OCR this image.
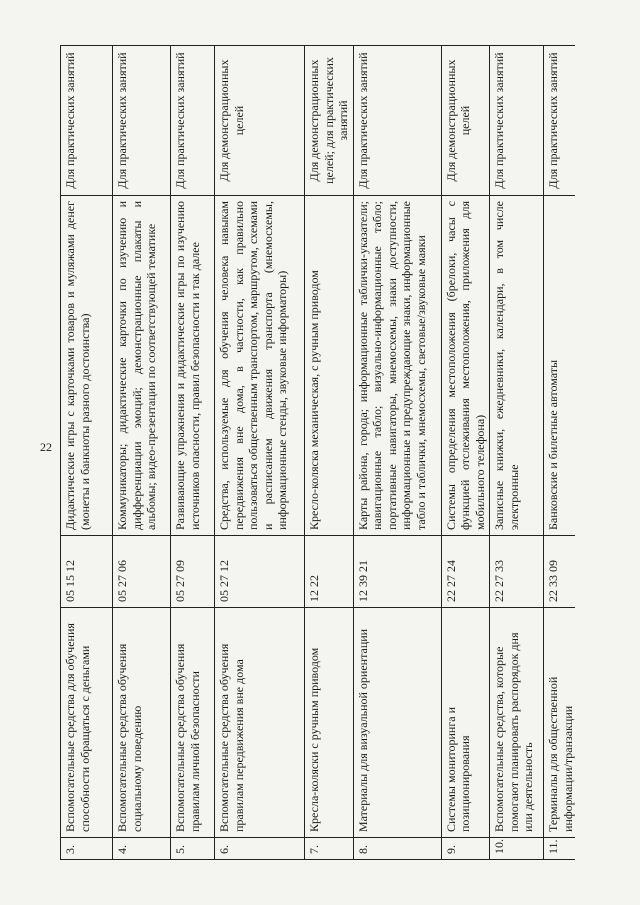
22
3.	Вспомогательные средства для обучения способности обращаться с деньгами	05 15 12	Дидактические игры с карточками товаров и муляжами денег (монеты и банкноты разного достоинства)	Для практических занятий
4.	Вспомогательные средства обучения социальному поведению	05 27 06	Коммуникаторы; дидактические карточки по изучению и дифференциации эмоций; демонстрационные плакаты и альбомы; видео-презентации по соответствующей тематике	Для практических занятий
5.	Вспомогательные средства обучения правилам личной безопасности	05 27 09	Развивающие упражнения и дидактические игры по изучению источников опасности, правил безопасности и так далее	Для практических занятий
6.	Вспомогательные средства обучения правилам передвижения вне дома	05 27 12	Средства, используемые для обучения человека навыкам передвижения вне дома, в частности, как правильно пользоваться общественным транспортом, маршрутом, схемами и расписанием движения транспорта (мнемосхемы, информационные стенды, звуковые информаторы)	Для демонстрационных целей
7.	Кресла-коляски с ручным приводом	12 22	Кресло-коляска механическая, с ручным приводом	Для демонстрационных целей; для практических занятий
8.	Материалы для визуальной ориентации	12 39 21	Карты района, города; информационные таблички-указатели; навигационные табло; визуально-информационные табло; портативные навигаторы, мнемосхемы, знаки доступности, информационные и предупреждающие знаки, информационные табло и таблички, мнемосхемы, световые/звуковые маяки	Для практических занятий
9.	Системы мониторинга и позиционирования	22 27 24	Системы определения местоположения (брелоки, часы с функцией отслеживания местоположения, приложения для мобильного телефона)	Для демонстрационных целей
10.	Вспомогательные средства, которые помогают планировать распорядок дня или деятельность	22 27 33	Записные книжки, ежедневники, календари, в том числе электронные	Для практических занятий
11.	Терминалы для общественной информации/транзакции	22 33 09	Банковские и билетные автоматы	Для практических занятий
